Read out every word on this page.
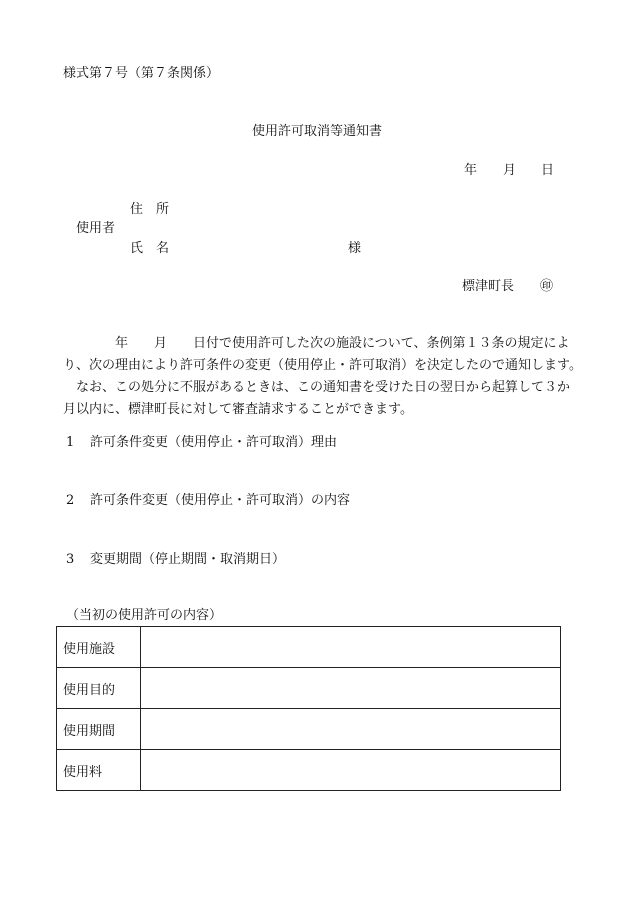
様式第７号（第７条関係）
使用許可取消等通知書
年 月 日
住　所
使用者
氏　名	様
標津町長 ㊞

年　　月　　日付で使用許可した次の施設について、条例第１３条の規定によ

り、次の理由により許可条件の変更（使用停止・許可取消）を決定したので通知します。

なお、この処分に不服があるときは、この通知書を受けた日の翌日から起算して３か

月以内に、標津町長に対して審査請求することができます。

1 許可条件変更（使用停止・許可取消）理由
2 許可条件変更（使用停止・許可取消）の内容
3 変更期間（停止期間・取消期日）
（当初の使用許可の内容）
使用施設	
使用目的	
使用期間	
使用料	
